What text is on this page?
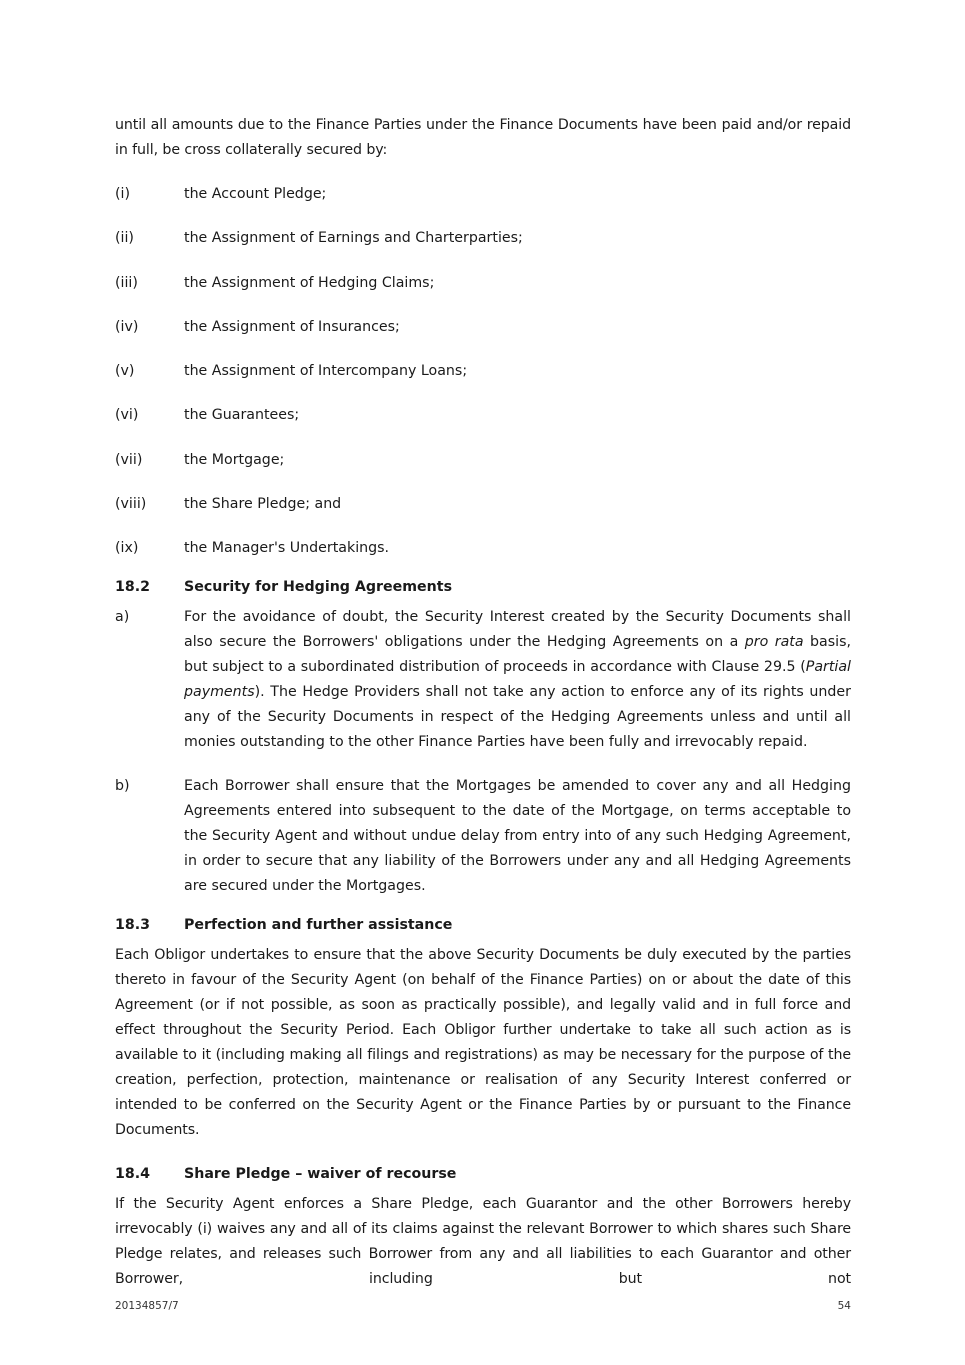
until all amounts due to the Finance Parties under the Finance Documents have been paid and/or repaid in full, be cross collaterally secured by:

(i)	the Account Pledge;
(ii)	the Assignment of Earnings and Charterparties;
(iii)	the Assignment of Hedging Claims;
(iv)	the Assignment of Insurances;
(v)	the Assignment of Intercompany Loans;
(vi)	the Guarantees;
(vii)	the Mortgage;
(viii)	the Share Pledge; and
(ix)	the Manager's Undertakings.
18.2	Security for Hedging Agreements
a)	For the avoidance of doubt, the Security Interest created by the Security Documents shall also secure the Borrowers' obligations under the Hedging Agreements on a pro rata basis, but subject to a subordinated distribution of proceeds in accordance with Clause 29.5 (Partial payments). The Hedge Providers shall not take any action to enforce any of its rights under any of the Security Documents in respect of the Hedging Agreements unless and until all monies outstanding to the other Finance Parties have been fully and irrevocably repaid.
b)	Each Borrower shall ensure that the Mortgages be amended to cover any and all Hedging Agreements entered into subsequent to the date of the Mortgage, on terms acceptable to the Security Agent and without undue delay from entry into of any such Hedging Agreement, in order to secure that any liability of the Borrowers under any and all Hedging Agreements are secured under the Mortgages.
18.3	Perfection and further assistance

Each Obligor undertakes to ensure that the above Security Documents be duly executed by the parties thereto in favour of the Security Agent (on behalf of the Finance Parties) on or about the date of this Agreement (or if not possible, as soon as practically possible), and legally valid and in full force and effect throughout the Security Period. Each Obligor further undertake to take all such action as is available to it (including making all filings and registrations) as may be necessary for the purpose of the creation, perfection, protection, maintenance or realisation of any Security Interest conferred or intended to be conferred on the Security Agent or the Finance Parties by or pursuant to the Finance Documents.

18.4	Share Pledge – waiver of recourse

If the Security Agent enforces a Share Pledge, each Guarantor and the other Borrowers hereby irrevocably (i) waives any and all of its claims against the relevant Borrower to which shares such Share Pledge relates, and releases such Borrower from any and all liabilities to each Guarantor and other Borrower, including but not

20134857/7	54
